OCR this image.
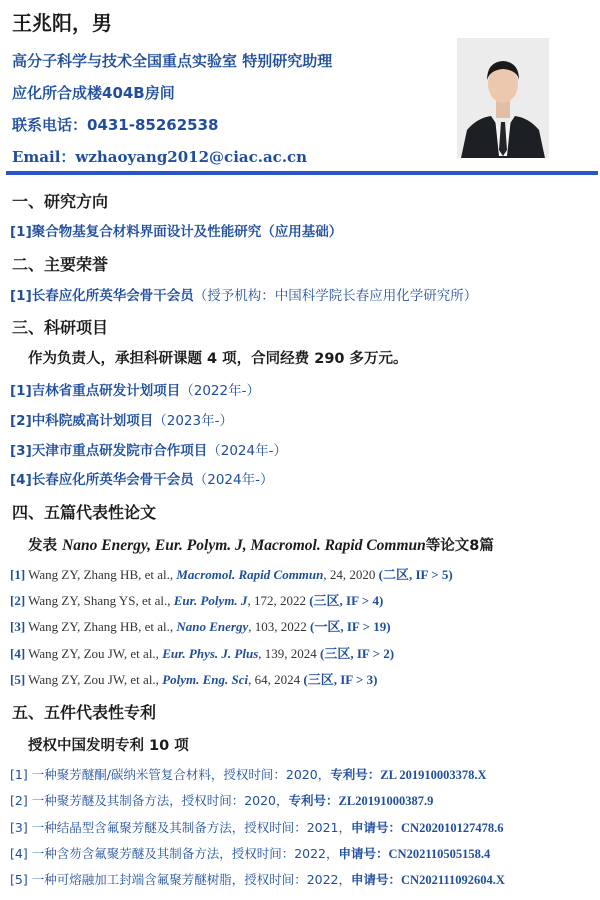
王兆阳，男
高分子科学与技术全国重点实验室 特别研究助理
应化所合成楼404B房间
联系电话：0431-85262538
Email：wzhaoyang2012@ciac.ac.cn
一、研究方向
[1]聚合物基复合材料界面设计及性能研究（应用基础）
二、主要荣誉
[1]长春应化所英华会骨干会员（授予机构：中国科学院长春应用化学研究所）
三、科研项目
作为负责人，承担科研课题 4 项，合同经费 290 多万元。
[1]吉林省重点研发计划项目（2022年-）
[2]中科院威高计划项目（2023年-）
[3]天津市重点研发院市合作项目（2024年-）
[4]长春应化所英华会骨干会员（2024年-）
四、五篇代表性论文
发表 Nano Energy, Eur. Polym. J, Macromol. Rapid Commun等论文8篇
[1] Wang ZY, Zhang HB, et al., Macromol. Rapid Commun, 24, 2020 (二区, IF > 5)
[2] Wang ZY, Shang YS, et al., Eur. Polym. J, 172, 2022 (三区, IF > 4)
[3] Wang ZY, Zhang HB, et al., Nano Energy, 103, 2022 (一区, IF > 19)
[4] Wang ZY, Zou JW, et al., Eur. Phys. J. Plus, 139, 2024 (三区, IF > 2)
[5] Wang ZY, Zou JW, et al., Polym. Eng. Sci, 64, 2024 (三区, IF > 3)
五、五件代表性专利
授权中国发明专利 10 项
[1] 一种聚芳醚酮/碳纳米管复合材料，授权时间：2020，专利号：ZL 201910003378.X
[2] 一种聚芳醚及其制备方法，授权时间：2020，专利号：ZL20191000387.9
[3] 一种结晶型含氟聚芳醚及其制备方法，授权时间：2021，申请号：CN202010127478.6
[4] 一种含芴含氟聚芳醚及其制备方法，授权时间：2022，申请号：CN202110505158.4
[5] 一种可熔融加工封端含氟聚芳醚树脂，授权时间：2022，申请号：CN202111092604.X
